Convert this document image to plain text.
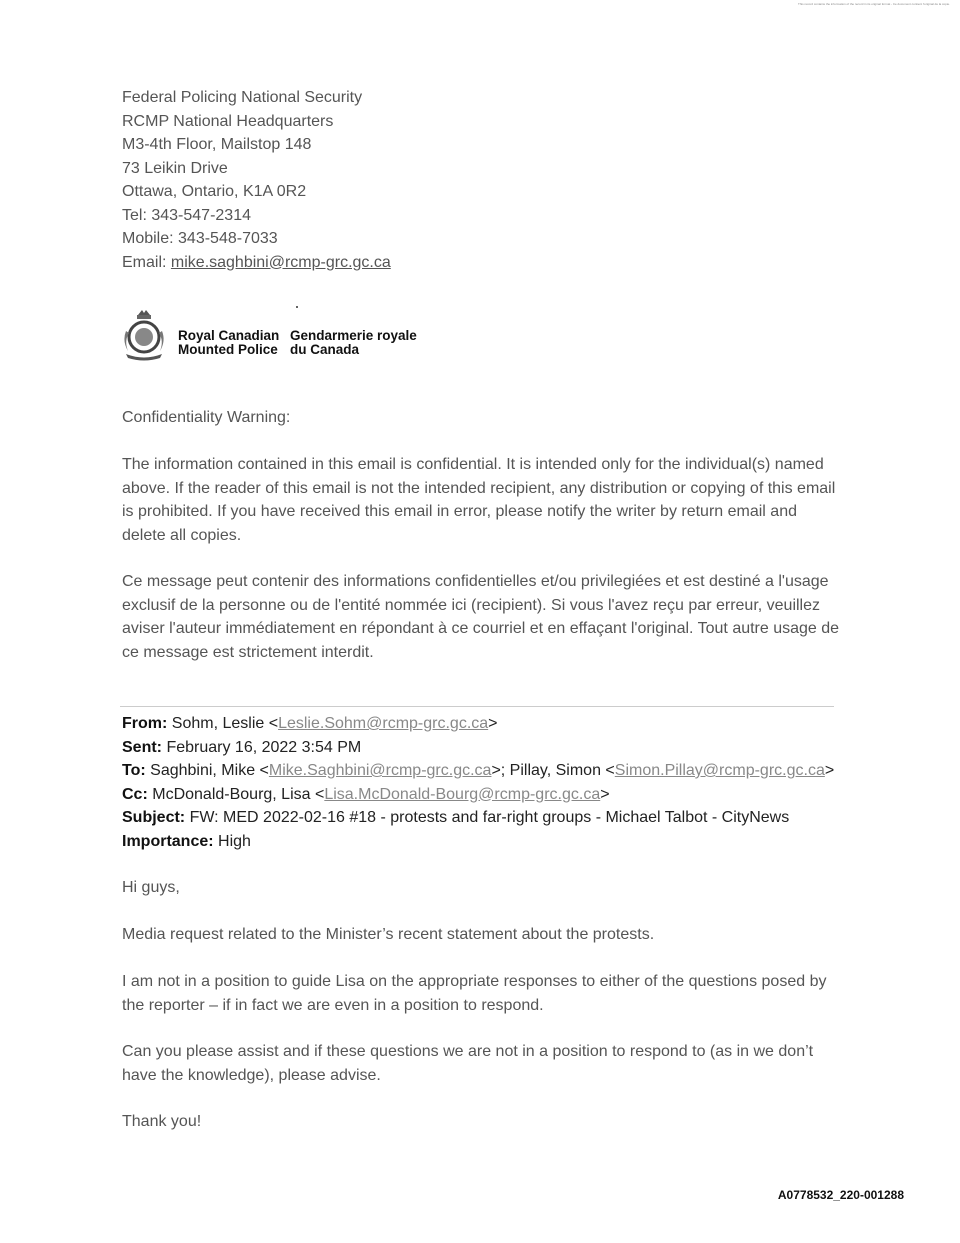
This record contains the information of the record in its original format - Ce document contient l'original de la copie.
Federal Policing National Security
RCMP National Headquarters
M3-4th Floor, Mailstop 148
73 Leikin Drive
Ottawa, Ontario, K1A 0R2
Tel: 343-547-2314
Mobile: 343-548-7033
Email: mike.saghbini@rcmp-grc.gc.ca
Royal Canadian
Mounted Police
Gendarmerie royale
du Canada
Confidentiality Warning:

The information contained in this email is confidential. It is intended only for the individual(s) named above. If the reader of this email is not the intended recipient, any distribution or copying of this email is prohibited. If you have received this email in error, please notify the writer by return email and delete all copies.

Ce message peut contenir des informations confidentielles et/ou privilegiées et est destiné a l'usage exclusif de la personne ou de l'entité nommée ici (recipient). Si vous l'avez reçu par erreur, veuillez aviser l'auteur immédiatement en répondant à ce courriel et en effaçant l'original. Tout autre usage de ce message est strictement interdit.

From: Sohm, Leslie <Leslie.Sohm@rcmp-grc.gc.ca>
Sent: February 16, 2022 3:54 PM
To: Saghbini, Mike <Mike.Saghbini@rcmp-grc.gc.ca>; Pillay, Simon <Simon.Pillay@rcmp-grc.gc.ca>
Cc: McDonald-Bourg, Lisa <Lisa.McDonald-Bourg@rcmp-grc.gc.ca>
Subject: FW: MED 2022-02-16 #18 - protests and far-right groups - Michael Talbot - CityNews
Importance: High
Hi guys,
Media request related to the Minister’s recent statement about the protests.
I am not in a position to guide Lisa on the appropriate responses to either of the questions posed by the reporter – if in fact we are even in a position to respond.
Can you please assist and if these questions we are not in a position to respond to (as in we don’t have the knowledge), please advise.
Thank you!
A0778532_220-001288
